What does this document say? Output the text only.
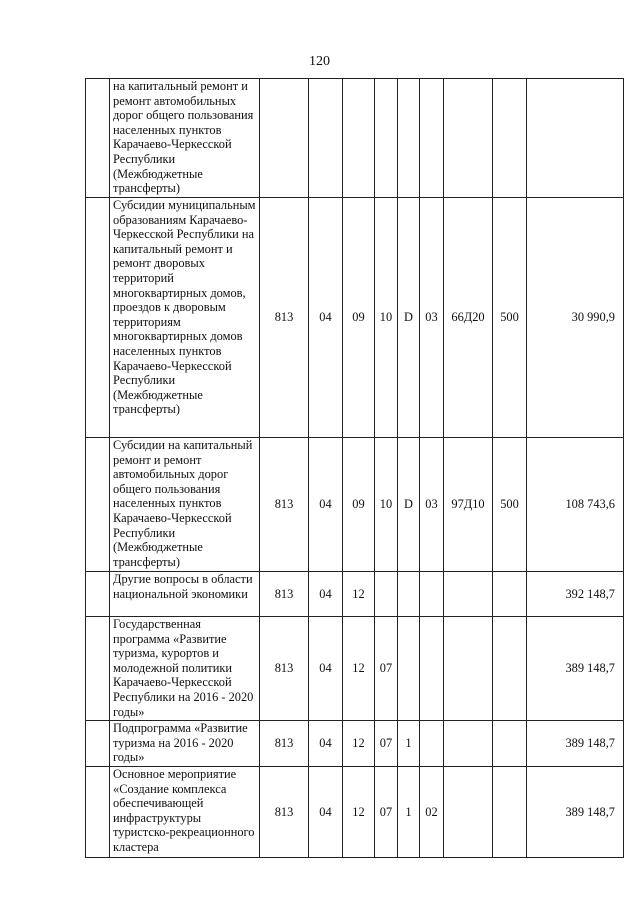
120
	на капитальный ремонт и ремонт автомобильных дорог общего пользования населенных пунктов Карачаево-Черкесской Республики (Межбюджетные трансферты)									
	Субсидии муниципальным образованиям Карачаево-Черкесской Республики на капитальный ремонт и ремонт дворовых территорий многоквартирных домов, проездов к дворовым территориям многоквартирных домов населенных пунктов Карачаево-Черкесской Республики (Межбюджетные трансферты)	813	04	09	10	D	03	66Д20	500	30 990,9
	Субсидии на капитальный ремонт и ремонт автомобильных дорог общего пользования населенных пунктов Карачаево-Черкесской Республики (Межбюджетные трансферты)	813	04	09	10	D	03	97Д10	500	108 743,6
	Другие вопросы в области национальной экономики	813	04	12						392 148,7
	Государственная программа «Развитие туризма, курортов и молодежной политики Карачаево-Черкесской Республики на 2016 - 2020 годы»	813	04	12	07					389 148,7
	Подпрограмма «Развитие туризма на 2016 - 2020 годы»	813	04	12	07	1				389 148,7
	Основное мероприятие «Создание комплекса обеспечивающей инфраструктуры туристско-рекреационного кластера	813	04	12	07	1	02			389 148,7
